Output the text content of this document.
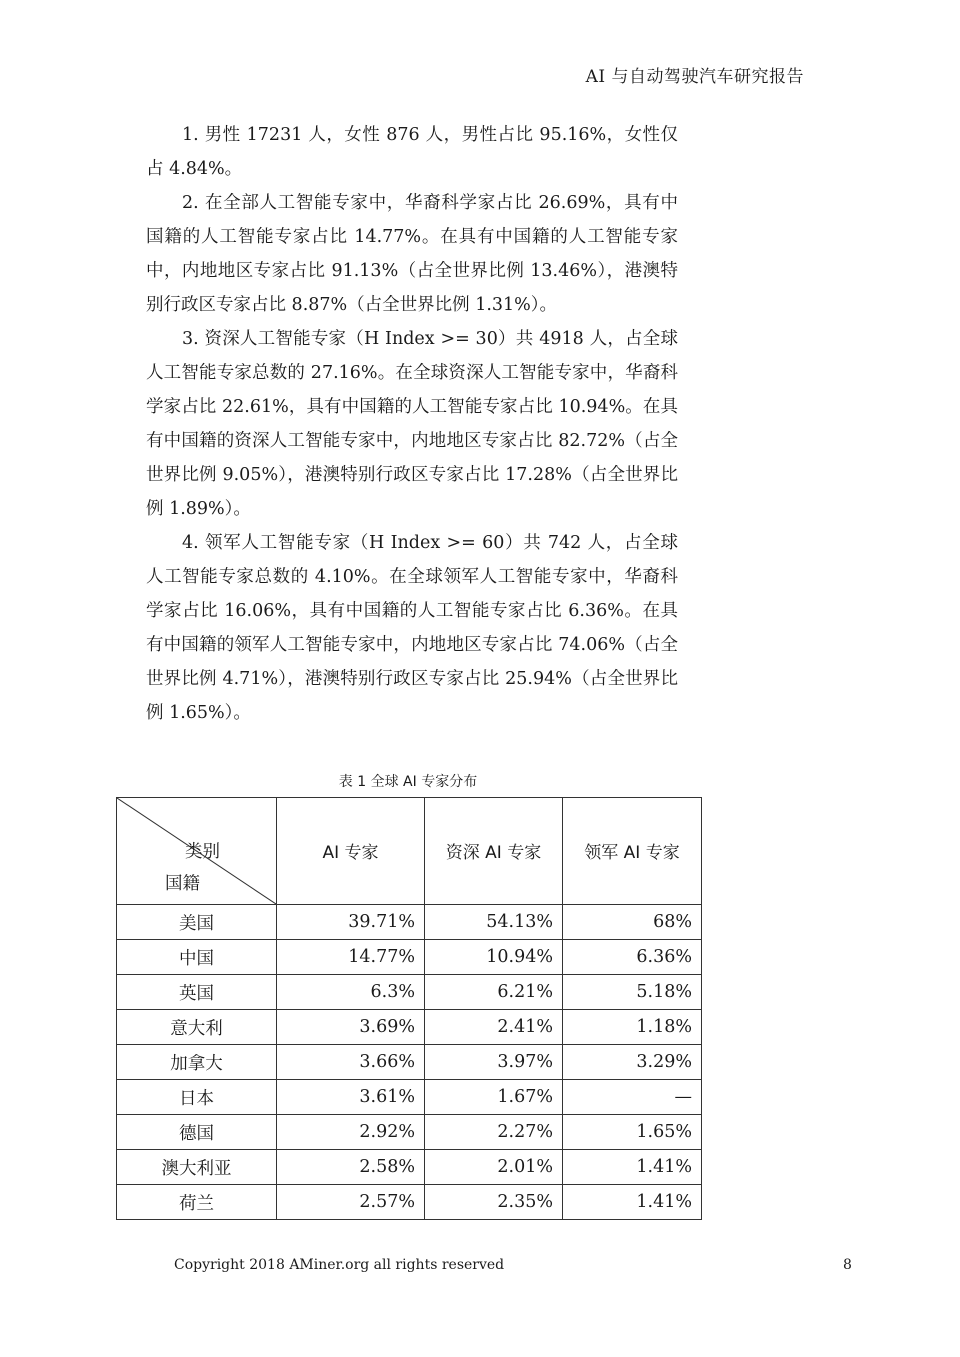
AI 与自动驾驶汽车研究报告

1. 男性 17231 人，女性 876 人，男性占比 95.16%，女性仅占 4.84%。

2. 在全部人工智能专家中，华裔科学家占比 26.69%，具有中国籍的人工智能专家占比 14.77%。在具有中国籍的人工智能专家中，内地地区专家占比 91.13%（占全世界比例 13.46%），港澳特别行政区专家占比 8.87%（占全世界比例 1.31%）。

3. 资深人工智能专家（H Index >= 30）共 4918 人，占全球人工智能专家总数的 27.16%。在全球资深人工智能专家中，华裔科学家占比 22.61%，具有中国籍的人工智能专家占比 10.94%。在具有中国籍的资深人工智能专家中，内地地区专家占比 82.72%（占全世界比例 9.05%），港澳特别行政区专家占比 17.28%（占全世界比例 1.89%）。

4. 领军人工智能专家（H Index >= 60）共 742 人，占全球人工智能专家总数的 4.10%。在全球领军人工智能专家中，华裔科学家占比 16.06%，具有中国籍的人工智能专家占比 6.36%。在具有中国籍的领军人工智能专家中，内地地区专家占比 74.06%（占全世界比例 4.71%），港澳特别行政区专家占比 25.94%（占全世界比例 1.65%）。

表 1 全球 AI 专家分布
类别
国籍	AI 专家	资深 AI 专家	领军 AI 专家
美国	39.71%	54.13%	68%
中国	14.77%	10.94%	6.36%
英国	6.3%	6.21%	5.18%
意大利	3.69%	2.41%	1.18%
加拿大	3.66%	3.97%	3.29%
日本	3.61%	1.67%	—
德国	2.92%	2.27%	1.65%
澳大利亚	2.58%	2.01%	1.41%
荷兰	2.57%	2.35%	1.41%
Copyright 2018 AMiner.org all rights reserved	8
